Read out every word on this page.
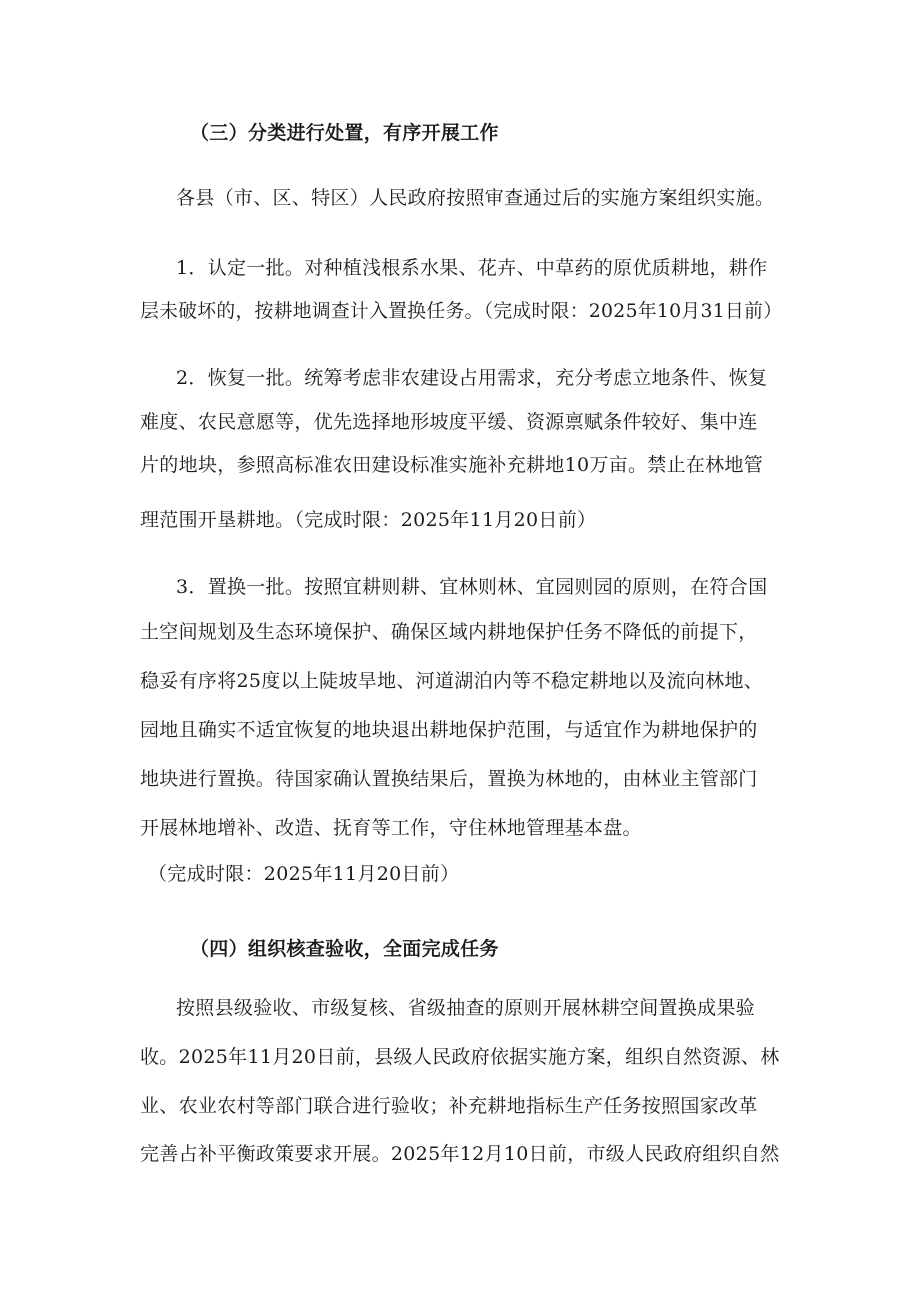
（三）分类进行处置，有序开展工作
各县（市、区、特区）人民政府按照审查通过后的实施方案组织实施。
1．认定一批。对种植浅根系水果、花卉、中草药的原优质耕地，耕作
层未破坏的，按耕地调查计入置换任务。（完成时限：2025年10月31日前）
2．恢复一批。统筹考虑非农建设占用需求，充分考虑立地条件、恢复
难度、农民意愿等，优先选择地形坡度平缓、资源禀赋条件较好、集中连
片的地块，参照高标准农田建设标准实施补充耕地10万亩。禁止在林地管
理范围开垦耕地。（完成时限：2025年11月20日前）
3．置换一批。按照宜耕则耕、宜林则林、宜园则园的原则，在符合国
土空间规划及生态环境保护、确保区域内耕地保护任务不降低的前提下，
稳妥有序将25度以上陡坡旱地、河道湖泊内等不稳定耕地以及流向林地、
园地且确实不适宜恢复的地块退出耕地保护范围，与适宜作为耕地保护的
地块进行置换。待国家确认置换结果后，置换为林地的，由林业主管部门
开展林地增补、改造、抚育等工作，守住林地管理基本盘。
（完成时限：2025年11月20日前）
（四）组织核查验收，全面完成任务
按照县级验收、市级复核、省级抽查的原则开展林耕空间置换成果验
收。2025年11月20日前，县级人民政府依据实施方案，组织自然资源、林
业、农业农村等部门联合进行验收；补充耕地指标生产任务按照国家改革
完善占补平衡政策要求开展。2025年12月10日前，市级人民政府组织自然
